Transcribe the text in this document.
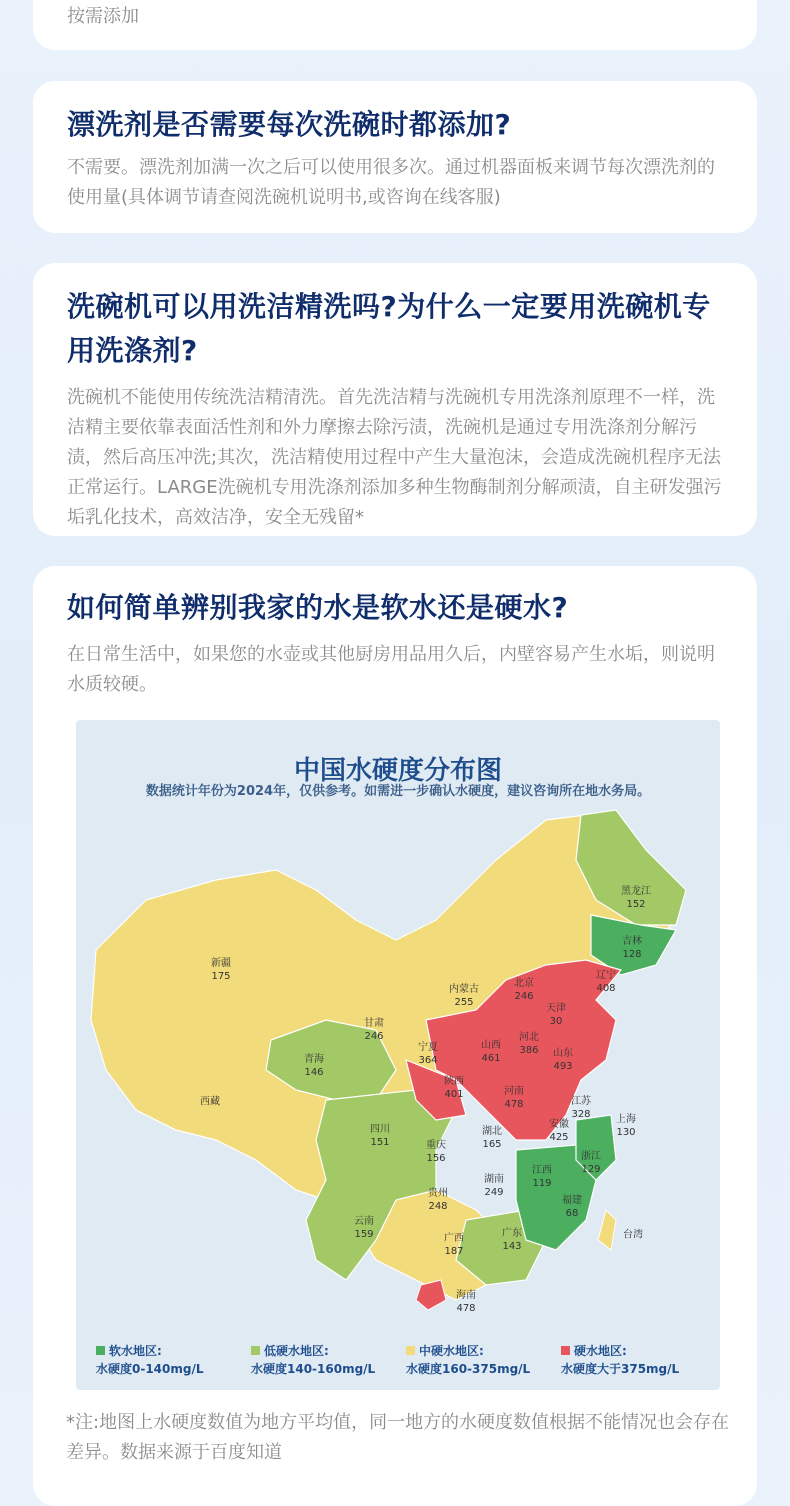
按需添加

漂洗剂是否需要每次洗碗时都添加?

不需要。漂洗剂加满一次之后可以使用很多次。通过机器面板来调节每次漂洗剂的使用量(具体调节请查阅洗碗机说明书,或咨询在线客服)

洗碗机可以用洗洁精洗吗?为什么一定要用洗碗机专用洗涤剂?

洗碗机不能使用传统洗洁精清洗。首先洗洁精与洗碗机专用洗涤剂原理不一样，洗洁精主要依靠表面活性剂和外力摩擦去除污渍，洗碗机是通过专用洗涤剂分解污渍，然后高压冲洗;其次，洗洁精使用过程中产生大量泡沫，会造成洗碗机程序无法正常运行。LARGE洗碗机专用洗涤剂添加多种生物酶制剂分解顽渍，自主研发强污垢乳化技术，高效洁净，安全无残留*

如何简单辨别我家的水是软水还是硬水?

在日常生活中，如果您的水壶或其他厨房用品用久后，内壁容易产生水垢，则说明水质较硬。

中国水硬度分布图
数据统计年份为2024年，仅供参考。如需进一步确认水硬度，建议咨询所在地水务局。
黑龙江
152
吉林
128
辽宁
408
北京
246
天津
30
内蒙古
255
新疆
175
甘肃
246
宁夏
364
山西
461
河北
386 山东
493
青海
146
陕西
401	河南
478	江苏
328	上海
130
西藏
四川
151	重庆
156
湖北
165
安徽
425
浙江
129
江西
119
湖南
249
贵州
248
福建
68
云南
159	广西
187
广东
143
台湾
海南
478
软水地区:
水硬度0-140mg/L
低硬水地区:
水硬度140-160mg/L
中硬水地区:
水硬度160-375mg/L
硬水地区:
水硬度大于375mg/L

*注:地图上水硬度数值为地方平均值，同一地方的水硬度数值根据不能情况也会存在差异。数据来源于百度知道
